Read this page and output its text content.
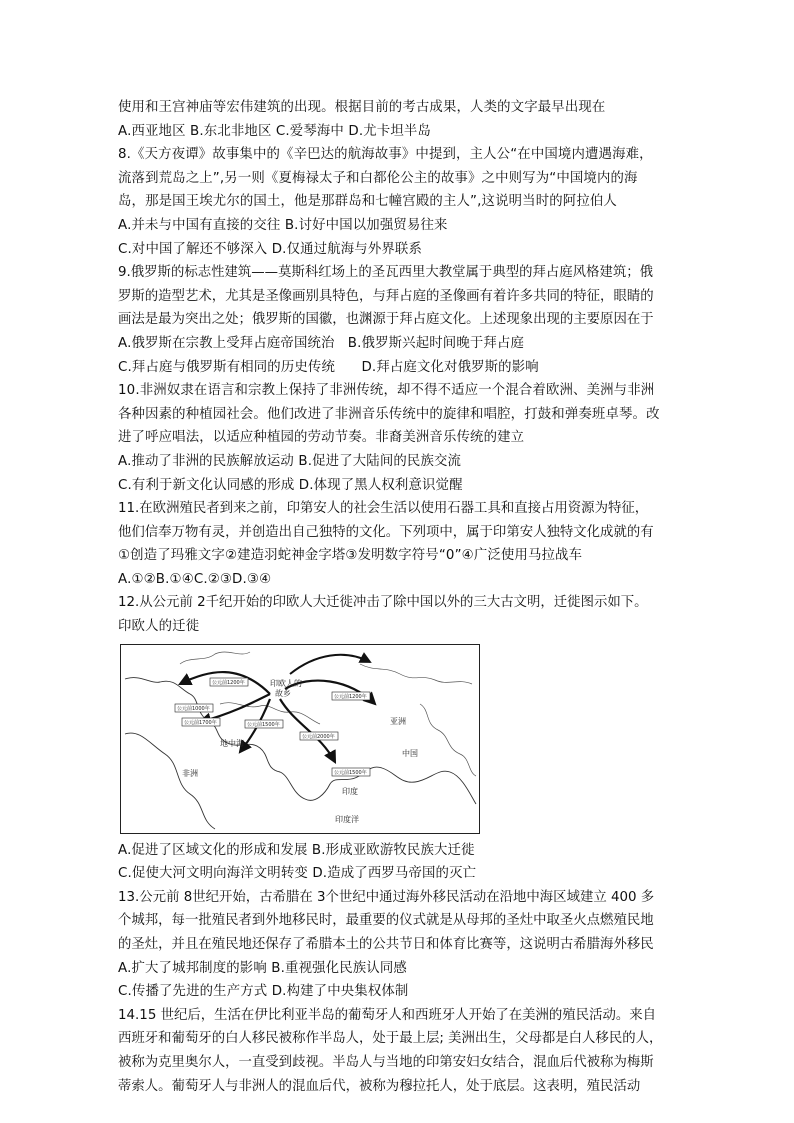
使用和王宫神庙等宏伟建筑的出现。根据目前的考古成果，人类的文字最早出现在
A.西亚地区 B.东北非地区 C.爱琴海中 D.尤卡坦半岛
8.《天方夜谭》故事集中的《辛巴达的航海故事》中提到，主人公“在中国境内遭遇海难，
流落到荒岛之上”,另一则《夏梅禄太子和白都伦公主的故事》之中则写为“中国境内的海
岛，那是国王埃尤尔的国土，他是那群岛和七幢宫殿的主人”,这说明当时的阿拉伯人
A.并未与中国有直接的交往 B.讨好中国以加强贸易往来
C.对中国了解还不够深入 D.仅通过航海与外界联系
9.俄罗斯的标志性建筑——莫斯科红场上的圣瓦西里大教堂属于典型的拜占庭风格建筑；俄
罗斯的造型艺术，尤其是圣像画别具特色，与拜占庭的圣像画有着许多共同的特征，眼睛的
画法是最为突出之处；俄罗斯的国徽，也渊源于拜占庭文化。上述现象出现的主要原因在于
A.俄罗斯在宗教上受拜占庭帝国统治   B.俄罗斯兴起时间晚于拜占庭
C.拜占庭与俄罗斯有相同的历史传统      D.拜占庭文化对俄罗斯的影响
10.非洲奴隶在语言和宗教上保持了非洲传统，却不得不适应一个混合着欧洲、美洲与非洲
各种因素的种植园社会。他们改进了非洲音乐传统中的旋律和唱腔，打鼓和弹奏班卓琴。改
进了呼应唱法，以适应种植园的劳动节奏。非裔美洲音乐传统的建立
A.推动了非洲的民族解放运动 B.促进了大陆间的民族交流
C.有利于新文化认同感的形成 D.体现了黑人权利意识觉醒
11.在欧洲殖民者到来之前，印第安人的社会生活以使用石器工具和直接占用资源为特征，
他们信奉万物有灵，并创造出自己独特的文化。下列项中，属于印第安人独特文化成就的有
①创造了玛雅文字②建造羽蛇神金字塔③发明数字符号“0”④广泛使用马拉战车
A.①②B.①④C.②③D.③④
12.从公元前 2千纪开始的印欧人大迁徙冲击了除中国以外的三大古文明，迁徙图示如下。
印欧人的迁徙
公元前1200年
公元前1000年
公元前1700年	公元前1500年
公元前1200年
公元前1500年
公元前2000年
印欧人的
故乡
中国
印度
非洲
印度洋
地中海
亚洲
A.促进了区域文化的形成和发展 B.形成亚欧游牧民族大迁徙
C.促使大河文明向海洋文明转变 D.造成了西罗马帝国的灭亡
13.公元前 8世纪开始，古希腊在 3个世纪中通过海外移民活动在沿地中海区域建立 400 多
个城邦，每一批殖民者到外地移民时，最重要的仪式就是从母邦的圣灶中取圣火点燃殖民地
的圣灶，并且在殖民地还保存了希腊本土的公共节日和体育比赛等，这说明古希腊海外移民
A.扩大了城邦制度的影响 B.重视强化民族认同感
C.传播了先进的生产方式 D.构建了中央集权体制
14.15 世纪后，生活在伊比利亚半岛的葡萄牙人和西班牙人开始了在美洲的殖民活动。来自
西班牙和葡萄牙的白人移民被称作半岛人，处于最上层; 美洲出生，父母都是白人移民的人，
被称为克里奥尔人，一直受到歧视。半岛人与当地的印第安妇女结合，混血后代被称为梅斯
蒂索人。葡萄牙人与非洲人的混血后代，被称为穆拉托人，处于底层。这表明，殖民活动
